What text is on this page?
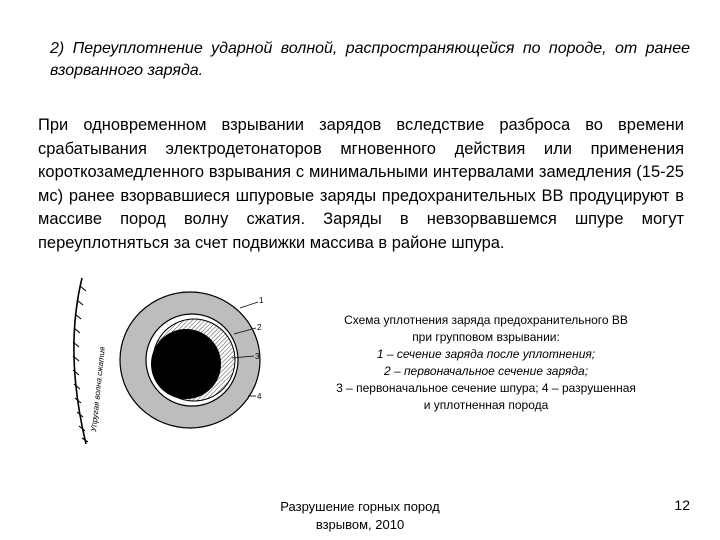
2) Переуплотнение ударной волной, распространяющейся по породе, от ранее взорванного заряда.
При одновременном взрывании зарядов вследствие разброса во времени срабатывания электродетонаторов мгновенного действия или применения короткозамедленного взрывания с минимальными интервалами замедления (15-25 мс) ранее взорвавшиеся шпуровые заряды предохранительных ВВ продуцируют в массиве пород волну сжатия. Заряды в невзорвавшемся шпуре могут переуплотняться за счет подвижки массива в районе шпура.
Упругая волна сжатия
1
2
3
4
Схема уплотнения заряда предохранительного ВВ
при групповом взрывании:
1 – сечение заряда после уплотнения;
2 – первоначальное сечение заряда;
3 – первоначальное сечение шпура; 4 – разрушенная
и уплотненная порода
Разрушение горных пород
взрывом, 2010
12
